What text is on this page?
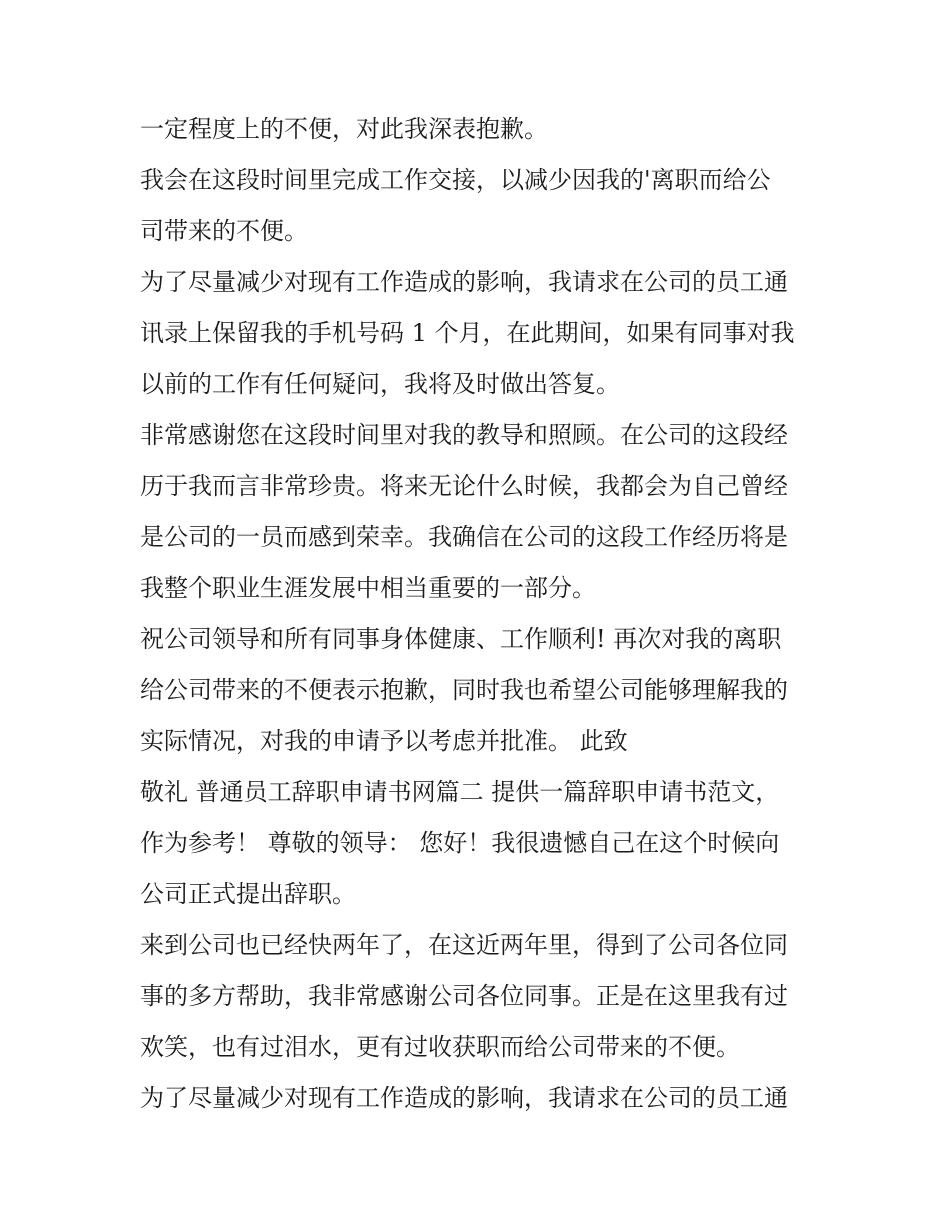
一定程度上的不便，对此我深表抱歉。
我会在这段时间里完成工作交接，以减少因我的'离职而给公
司带来的不便。
为了尽量减少对现有工作造成的影响，我请求在公司的员工通
讯录上保留我的手机号码 1 个月，在此期间，如果有同事对我
以前的工作有任何疑问，我将及时做出答复。
非常感谢您在这段时间里对我的教导和照顾。在公司的这段经
历于我而言非常珍贵。将来无论什么时候，我都会为自己曾经
是公司的一员而感到荣幸。我确信在公司的这段工作经历将是
我整个职业生涯发展中相当重要的一部分。
祝公司领导和所有同事身体健康、工作顺利! 再次对我的离职
给公司带来的不便表示抱歉，同时我也希望公司能够理解我的
实际情况，对我的申请予以考虑并批准。 此致
敬礼 普通员工辞职申请书网篇二 提供一篇辞职申请书范文，
作为参考！ 尊敬的领导： 您好！我很遗憾自己在这个时候向
公司正式提出辞职。
来到公司也已经快两年了，在这近两年里，得到了公司各位同
事的多方帮助，我非常感谢公司各位同事。正是在这里我有过
欢笑，也有过泪水，更有过收获职而给公司带来的不便。
为了尽量减少对现有工作造成的影响，我请求在公司的员工通
